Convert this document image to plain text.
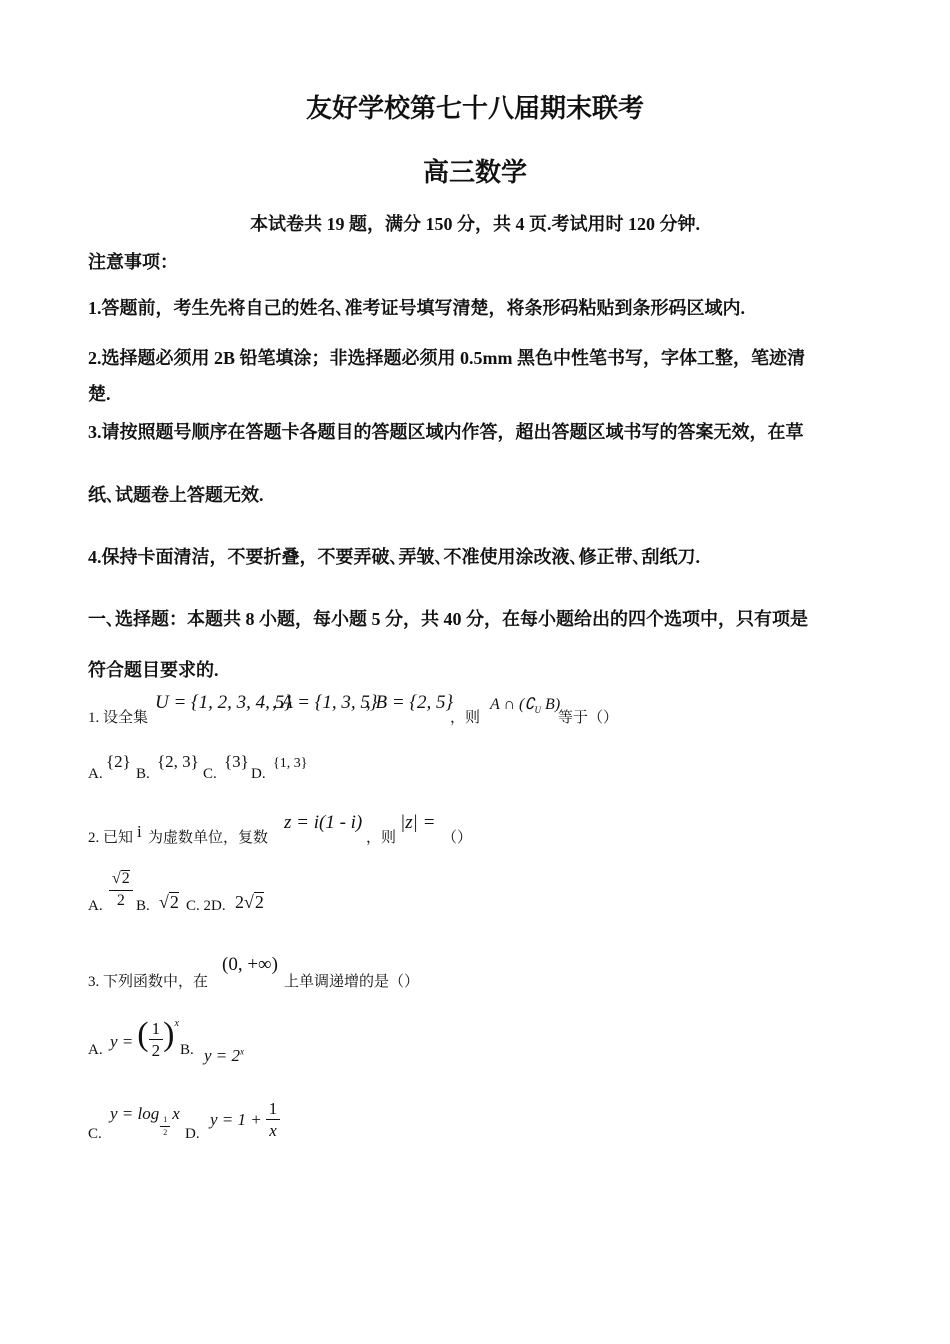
友好学校第七十八届期末联考
高三数学
本试卷共 19 题，满分 150 分，共 4 页.考试用时 120 分钟.
注意事项：
1.答题前，考生先将自己的姓名､准考证号填写清楚，将条形码粘贴到条形码区域内.
2.选择题必须用 2B 铅笔填涂；非选择题必须用 0.5mm 黑色中性笔书写，字体工整，笔迹清
楚.
3.请按照题号顺序在答题卡各题目的答题区域内作答，超出答题区域书写的答案无效，在草
纸､试题卷上答题无效.
4.保持卡面清洁，不要折叠，不要弄破､弄皱､不准使用涂改液､修正带､刮纸刀.
一､选择题：本题共 8 小题，每小题 5 分，共 40 分，在每小题给出的四个选项中，只有项是
符合题目要求的.
1. 设全集
U = {1, 2, 3, 4, 5}
, A = {1, 3, 5}
, B = {2, 5}
，则
A ∩ ($∁_U$ B)
等于（）
A.
{2}
B.
{2, 3}
C.
{3}
D.
{1, 3}
2. 已知 i 为虚数单位，复数
z = i(1 - i)
，则
|z| =
（）
A. $\frac{√2}{2} B$. √2 C. 2D. 2√2
3. 下列函数中，在
(0, +∞)
上单调递增的是（）
A. y = ( $\frac{1}{2}$ ) x
B. $y = 2^x$
C.
y = log
$\frac{1}{2}$
x
D.
$y = 1 + \frac{1}{x}$
